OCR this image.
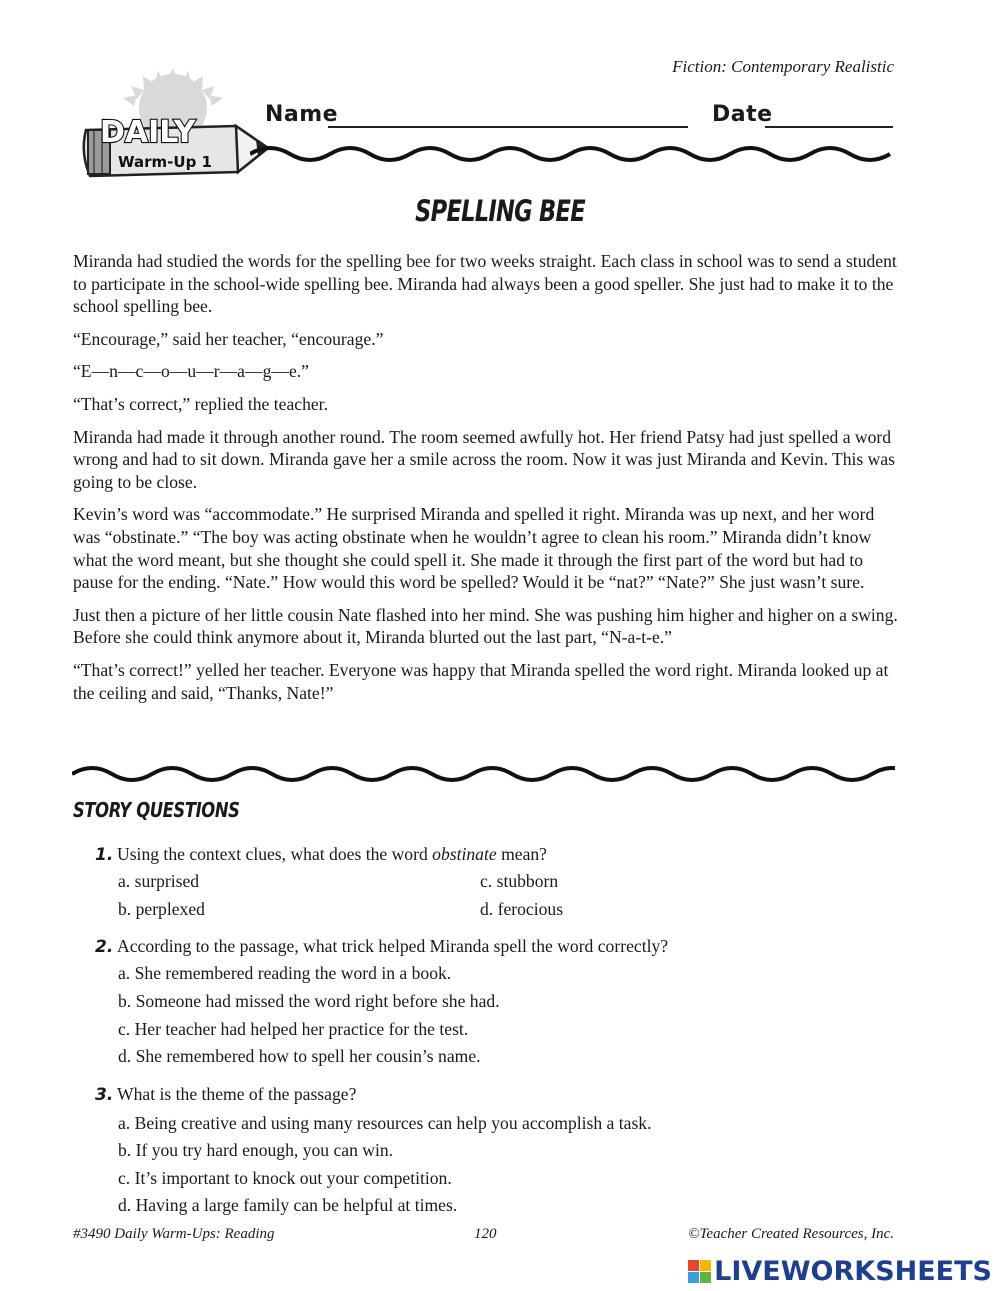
Fiction: Contemporary Realistic
DAILY
Warm-Up 1
Name	Date
SPELLING BEE

Miranda had studied the words for the spelling bee for two weeks straight. Each class in school was to send a student to participate in the school-wide spelling bee. Miranda had always been a good speller. She just had to make it to the school spelling bee.

“Encourage,” said her teacher, “encourage.”

“E—n—c—o—u—r—a—g—e.”

“That’s correct,” replied the teacher.

Miranda had made it through another round. The room seemed awfully hot. Her friend Patsy had just spelled a word wrong and had to sit down. Miranda gave her a smile across the room. Now it was just Miranda and Kevin. This was going to be close.

Kevin’s word was “accommodate.” He surprised Miranda and spelled it right. Miranda was up next, and her word was “obstinate.” “The boy was acting obstinate when he wouldn’t agree to clean his room.” Miranda didn’t know what the word meant, but she thought she could spell it. She made it through the first part of the word but had to pause for the ending. “Nate.” How would this word be spelled? Would it be “nat?” “Nate?” She just wasn’t sure.

Just then a picture of her little cousin Nate flashed into her mind. She was pushing him higher and higher on a swing. Before she could think anymore about it, Miranda blurted out the last part, “N-a-t-e.”

“That’s correct!” yelled her teacher. Everyone was happy that Miranda spelled the word right. Miranda looked up at the ceiling and said, “Thanks, Nate!”

STORY QUESTIONS
1. Using the context clues, what does the word obstinate mean?
a. surprised
b. perplexed
c. stubborn
d. ferocious
2. According to the passage, what trick helped Miranda spell the word correctly?
a. She remembered reading the word in a book.
b. Someone had missed the word right before she had.
c. Her teacher had helped her practice for the test.
d. She remembered how to spell her cousin’s name.
3. What is the theme of the passage?
a. Being creative and using many resources can help you accomplish a task.
b. If you try hard enough, you can win.
c. It’s important to knock out your competition.
d. Having a large family can be helpful at times.
#3490 Daily Warm-Ups: Reading	120	©Teacher Created Resources, Inc.
LIVEWORKSHEETS
